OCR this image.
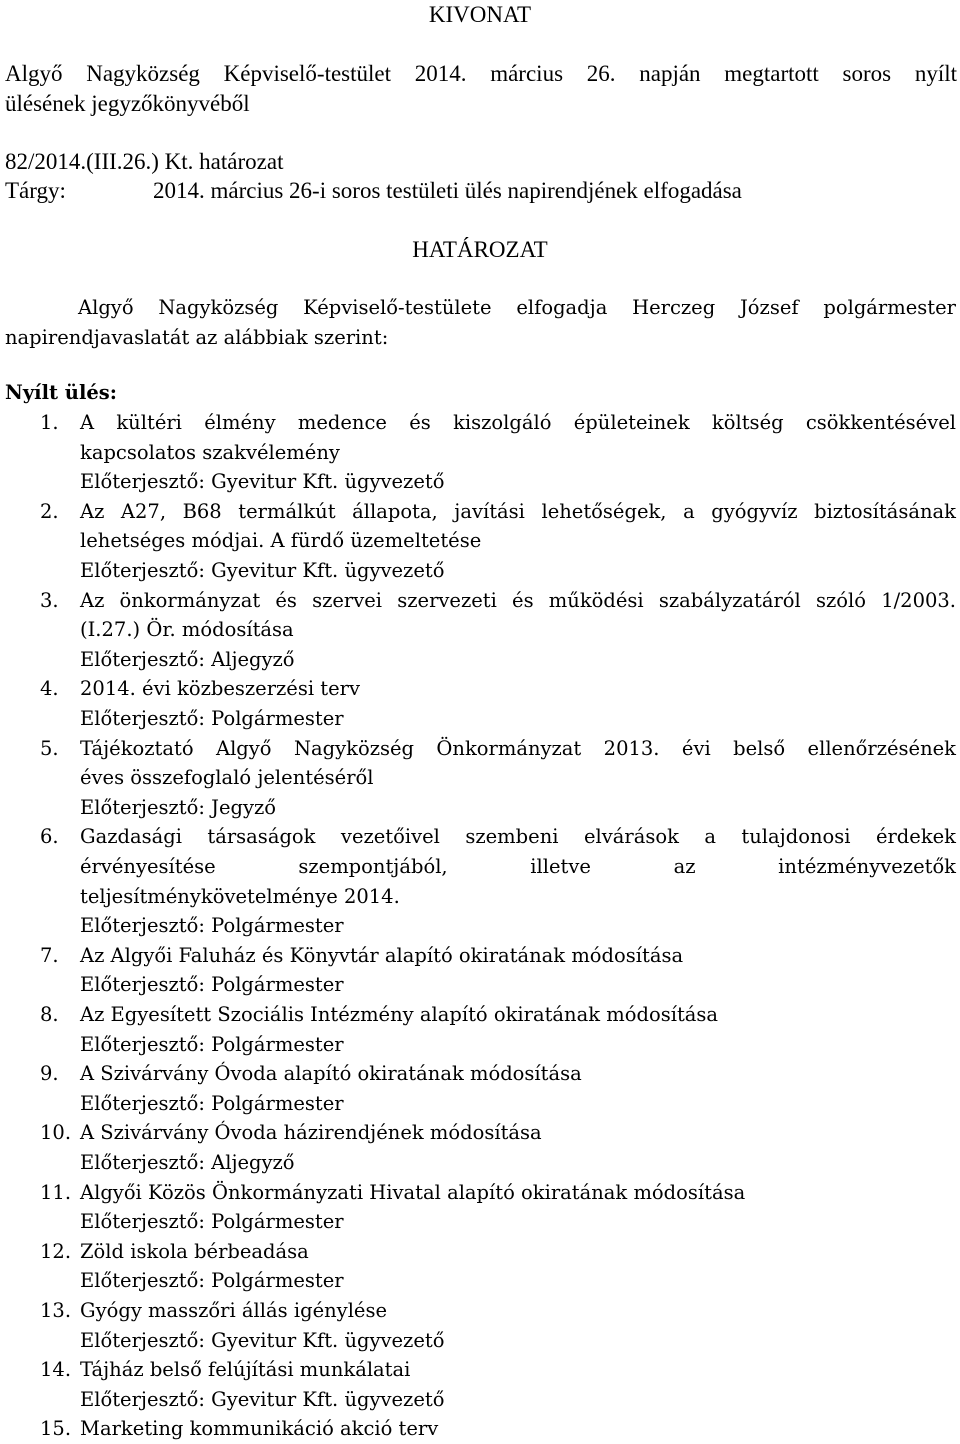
KIVONAT
Algyő Nagyközség Képviselő-testület 2014. március 26. napján megtartott soros nyílt
ülésének jegyzőkönyvéből
82/2014.(III.26.) Kt. határozat
Tárgy:	2014. március 26-i soros testületi ülés napirendjének elfogadása
HATÁROZAT
Algyő Nagyközség Képviselő-testülete elfogadja Herczeg József polgármester
napirendjavaslatát az alábbiak szerint:
Nyílt ülés:
1. A kültéri élmény medence és kiszolgáló épületeinek költség csökkentésével
kapcsolatos szakvélemény
Előterjesztő: Gyevitur Kft. ügyvezető
2. Az A27, B68 termálkút állapota, javítási lehetőségek, a gyógyvíz biztosításának
lehetséges módjai. A fürdő üzemeltetése
Előterjesztő: Gyevitur Kft. ügyvezető
3. Az önkormányzat és szervei szervezeti és működési szabályzatáról szóló 1/2003.
(I.27.) Ör. módosítása
Előterjesztő: Aljegyző
4. 2014. évi közbeszerzési terv
Előterjesztő: Polgármester
5. Tájékoztató Algyő Nagyközség Önkormányzat 2013. évi belső ellenőrzésének
éves összefoglaló jelentéséről
Előterjesztő: Jegyző
6. Gazdasági társaságok vezetőivel szembeni elvárások a tulajdonosi érdekek
érvényesítése szempontjából, illetve az intézményvezetők
teljesítménykövetelménye 2014.
Előterjesztő: Polgármester
7. Az Algyői Faluház és Könyvtár alapító okiratának módosítása
Előterjesztő: Polgármester
8. Az Egyesített Szociális Intézmény alapító okiratának módosítása
Előterjesztő: Polgármester
9. A Szivárvány Óvoda alapító okiratának módosítása
Előterjesztő: Polgármester
10. A Szivárvány Óvoda házirendjének módosítása
Előterjesztő: Aljegyző
11. Algyői Közös Önkormányzati Hivatal alapító okiratának módosítása
Előterjesztő: Polgármester
12. Zöld iskola bérbeadása
Előterjesztő: Polgármester
13. Gyógy masszőri állás igénylése
Előterjesztő: Gyevitur Kft. ügyvezető
14. Tájház belső felújítási munkálatai
Előterjesztő: Gyevitur Kft. ügyvezető
15. Marketing kommunikáció akció terv
